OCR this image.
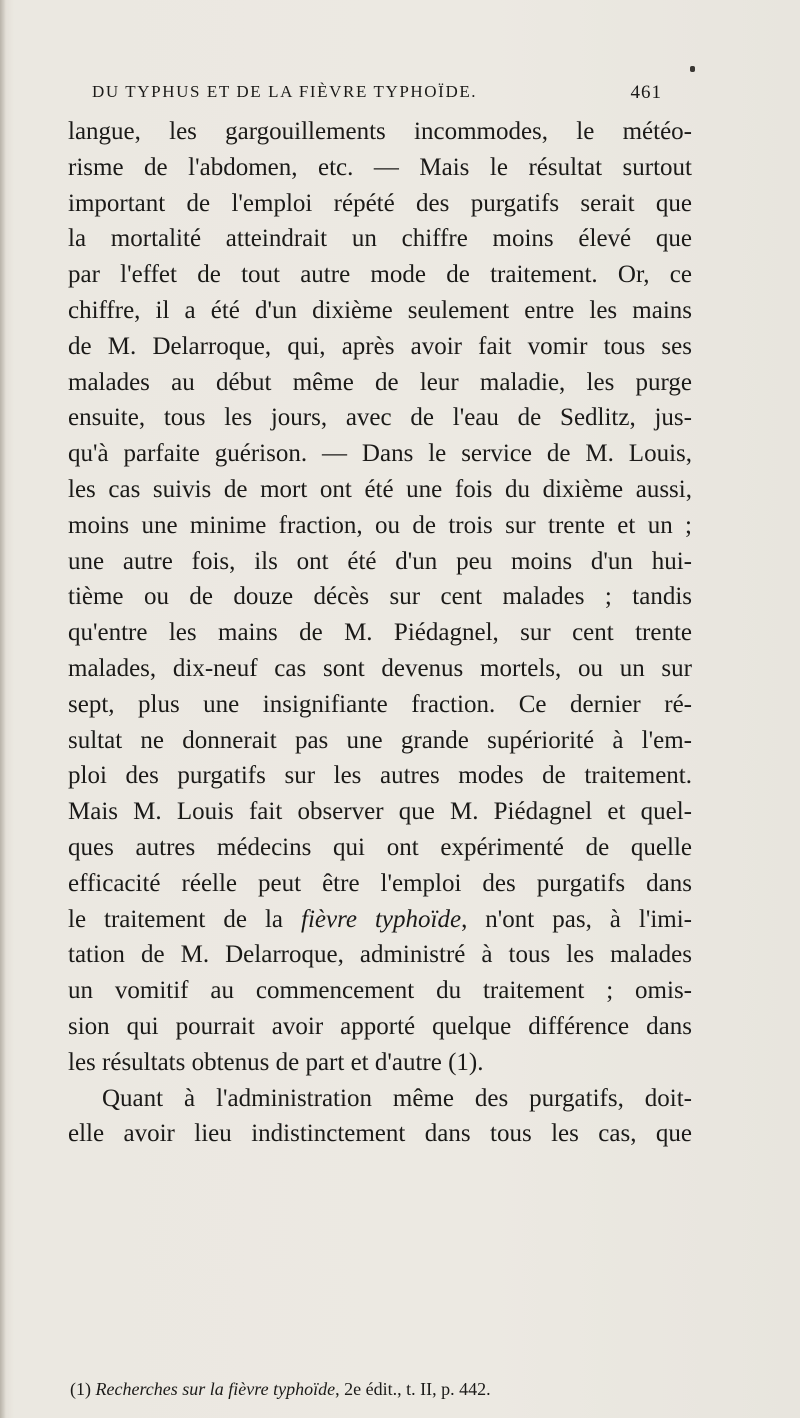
DU TYPHUS ET DE LA FIÈVRE TYPHOÏDE.	461
langue, les gargouillements incommodes, le météo-
risme de l'abdomen, etc. — Mais le résultat surtout
important de l'emploi répété des purgatifs serait que
la mortalité atteindrait un chiffre moins élevé que
par l'effet de tout autre mode de traitement. Or, ce
chiffre, il a été d'un dixième seulement entre les mains
de M. Delarroque, qui, après avoir fait vomir tous ses
malades au début même de leur maladie, les purge
ensuite, tous les jours, avec de l'eau de Sedlitz, jus-
qu'à parfaite guérison. — Dans le service de M. Louis,
les cas suivis de mort ont été une fois du dixième aussi,
moins une minime fraction, ou de trois sur trente et un ;
une autre fois, ils ont été d'un peu moins d'un hui-
tième ou de douze décès sur cent malades ; tandis
qu'entre les mains de M. Piédagnel, sur cent trente
malades, dix-neuf cas sont devenus mortels, ou un sur
sept, plus une insignifiante fraction. Ce dernier ré-
sultat ne donnerait pas une grande supériorité à l'em-
ploi des purgatifs sur les autres modes de traitement.
Mais M. Louis fait observer que M. Piédagnel et quel-
ques autres médecins qui ont expérimenté de quelle
efficacité réelle peut être l'emploi des purgatifs dans
le traitement de la fièvre typhoïde, n'ont pas, à l'imi-
tation de M. Delarroque, administré à tous les malades
un vomitif au commencement du traitement ; omis-
sion qui pourrait avoir apporté quelque différence dans
les résultats obtenus de part et d'autre (1).
Quant à l'administration même des purgatifs, doit-
elle avoir lieu indistinctement dans tous les cas, que
(1) Recherches sur la fièvre typhoïde, 2e édit., t. II, p. 442.
